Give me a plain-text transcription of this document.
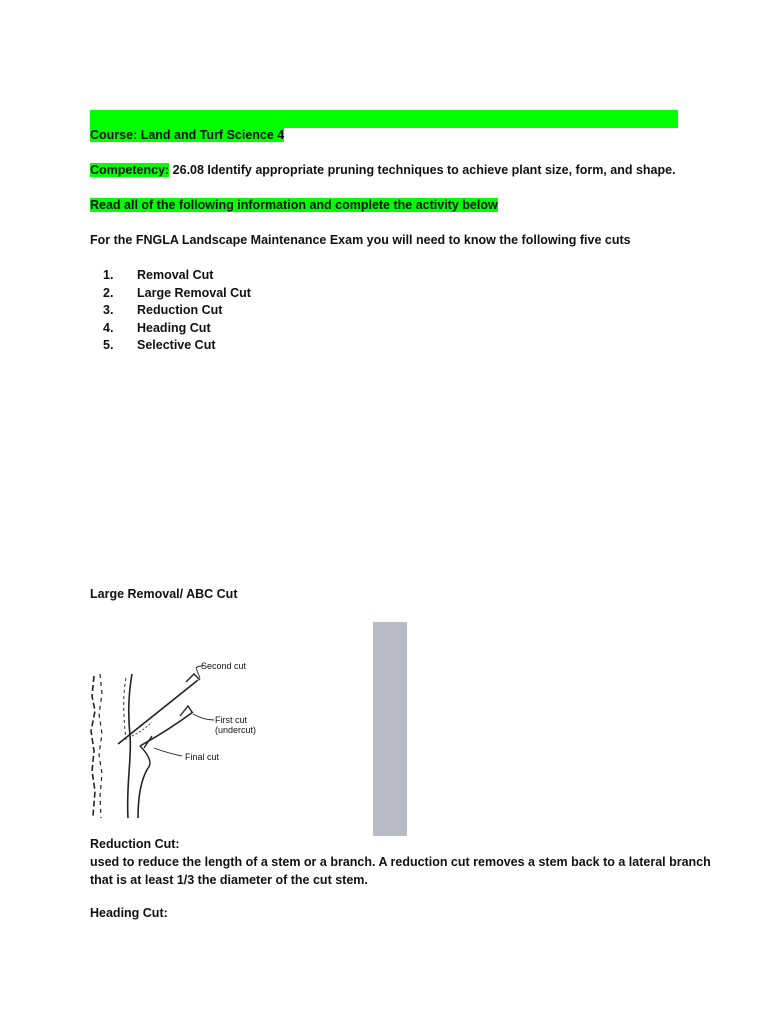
Course: Land and Turf Science 4
Competency: 26.08 Identify appropriate pruning techniques to achieve plant size, form, and shape.
Read all of the following information and complete the activity below
For the FNGLA Landscape Maintenance Exam you will need to know the following five cuts
1. Removal Cut
2. Large Removal Cut
3. Reduction Cut
4. Heading Cut
5. Selective Cut
Large Removal/ ABC Cut
Second cut
First cut
(undercut)
Final cut
Reduction Cut:
used to reduce the length of a stem or a branch. A reduction cut removes a stem back to a lateral branch
that is at least 1/3 the diameter of the cut stem.
Heading Cut:
